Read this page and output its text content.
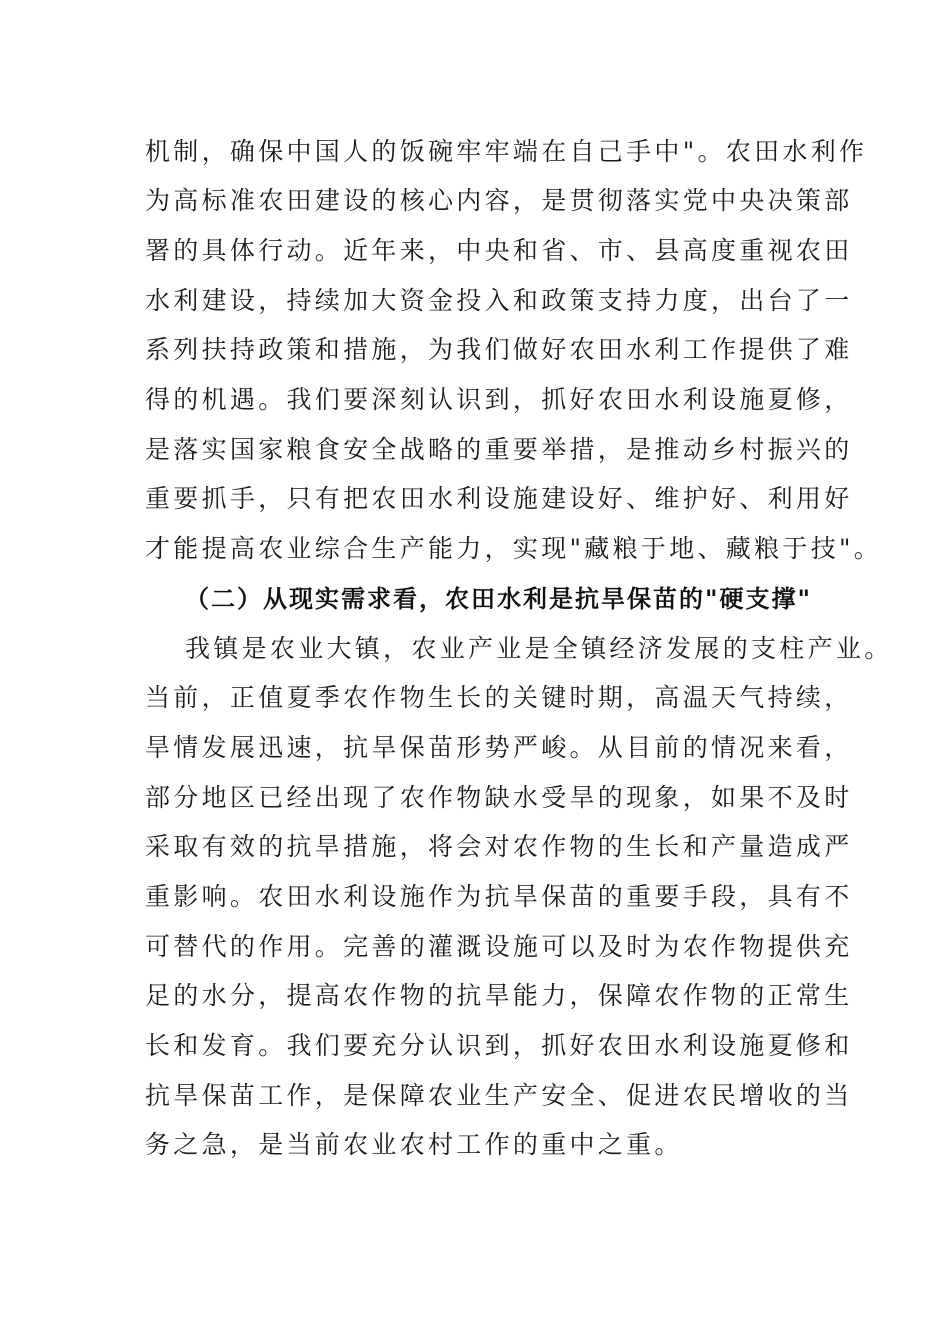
机制，确保中国人的饭碗牢牢端在自己手中"。农田水利作

为高标准农田建设的核心内容，是贯彻落实党中央决策部

署的具体行动。近年来，中央和省、市、县高度重视农田

水利建设，持续加大资金投入和政策支持力度，出台了一

系列扶持政策和措施，为我们做好农田水利工作提供了难

得的机遇。我们要深刻认识到，抓好农田水利设施夏修，

是落实国家粮食安全战略的重要举措，是推动乡村振兴的

重要抓手，只有把农田水利设施建设好、维护好、利用好

才能提高农业综合生产能力，实现"藏粮于地、藏粮于技"。

（二）从现实需求看，农田水利是抗旱保苗的"硬支撑"

我镇是农业大镇，农业产业是全镇经济发展的支柱产业。

当前，正值夏季农作物生长的关键时期，高温天气持续，

旱情发展迅速，抗旱保苗形势严峻。从目前的情况来看，

部分地区已经出现了农作物缺水受旱的现象，如果不及时

采取有效的抗旱措施，将会对农作物的生长和产量造成严

重影响。农田水利设施作为抗旱保苗的重要手段，具有不

可替代的作用。完善的灌溉设施可以及时为农作物提供充

足的水分，提高农作物的抗旱能力，保障农作物的正常生

长和发育。我们要充分认识到，抓好农田水利设施夏修和

抗旱保苗工作，是保障农业生产安全、促进农民增收的当

务之急，是当前农业农村工作的重中之重。
